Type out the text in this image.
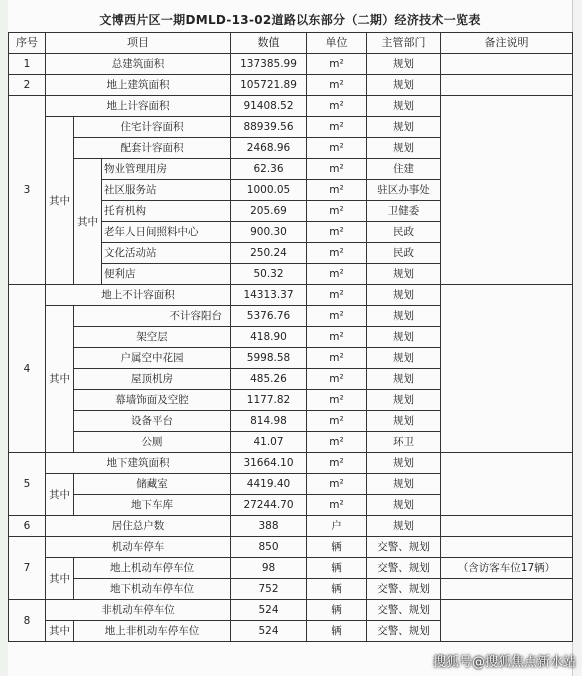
文博西片区一期DMLD-13-02道路以东部分（二期）经济技术一览表
序号	项目			数值	单位	主管部门	备注说明
1	总建筑面积			137385.99	m²	规划	
2	地上建筑面积			105721.89	m²	规划	
3	地上计容面积			91408.52	m²	规划	
	其中	住宅计容面积		88939.56	m²	规划	
		配套计容面积		2468.96	m²	规划	
		其中	物业管理用房	62.36	m²	住建	
			社区服务站	1000.05	m²	驻区办事处	
			托育机构	205.69	m²	卫健委	
			老年人日间照料中心	900.30	m²	民政	
			文化活动站	250.24	m²	民政	
			便利店	50.32	m²	规划	
4	地上不计容面积			14313.37	m²	规划	
	其中	不计容阳台		5376.76	m²	规划	
		架空层		418.90	m²	规划	
		户属空中花园		5998.58	m²	规划	
		屋顶机房		485.26	m²	规划	
		幕墙饰面及空腔		1177.82	m²	规划	
		设备平台		814.98	m²	规划	
		公厕		41.07	m²	环卫	
5	地下建筑面积			31664.10	m²	规划	
	其中	储藏室		4419.40	m²	规划	
		地下车库		27244.70	m²	规划	
6	居住总户数			388	户	规划	
7	机动车停车			850	辆	交警、规划	
	其中	地上机动车停车位		98	辆	交警、规划	（含访客车位17辆）
		地下机动车停车位		752	辆	交警、规划	
8	非机动车停车位			524	辆	交警、规划	
	其中	地上非机动车停车位		524	辆	交警、规划	
搜狐号@搜狐焦点新水站
